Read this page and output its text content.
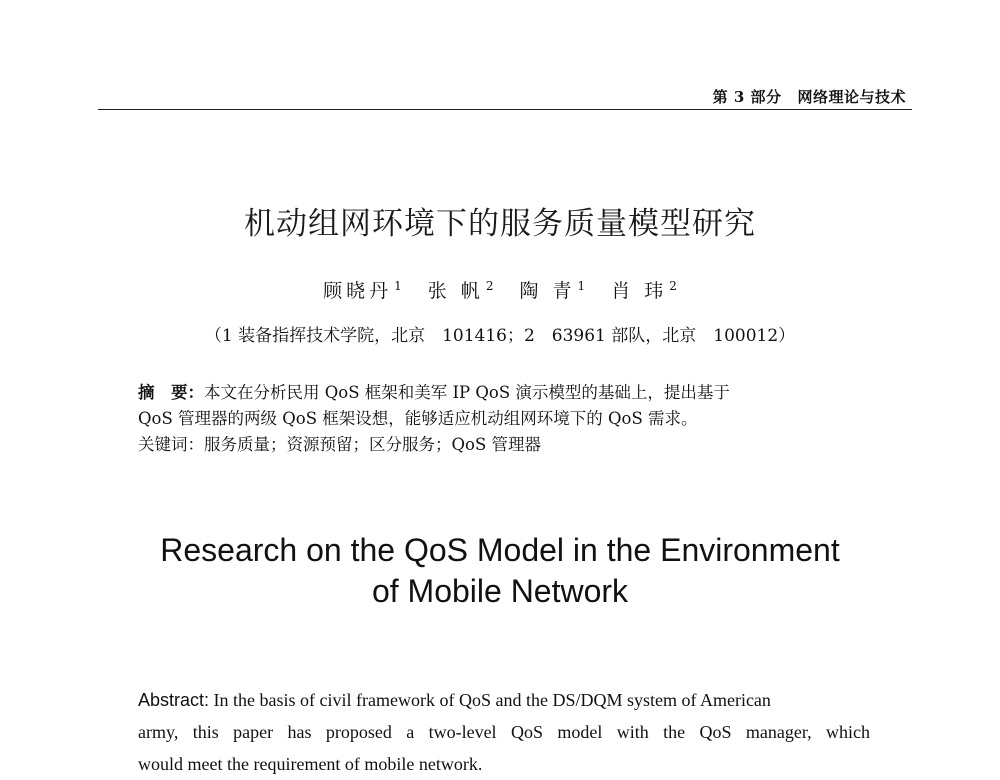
第 3 部分 网络理论与技术
机动组网环境下的服务质量模型研究
顾晓丹 $^1$ 张 帆 $^2$ 陶 青 $^1$ 肖 玮 $^2$
（1 装备指挥技术学院，北京　101416；2　63961 部队，北京　100012）
摘　要：本文在分析民用 QoS 框架和美军 IP QoS 演示模型的基础上，提出基于
QoS 管理器的两级 QoS 框架设想，能够适应机动组网环境下的 QoS 需求。
关键词：服务质量；资源预留；区分服务；QoS 管理器
Research on the QoS Model in the Environment
of Mobile Network
Abstract: In the basis of civil framework of QoS and the DS/DQM system of American
army, this paper has proposed a two-level QoS model with the QoS manager, which
would meet the requirement of mobile network.
